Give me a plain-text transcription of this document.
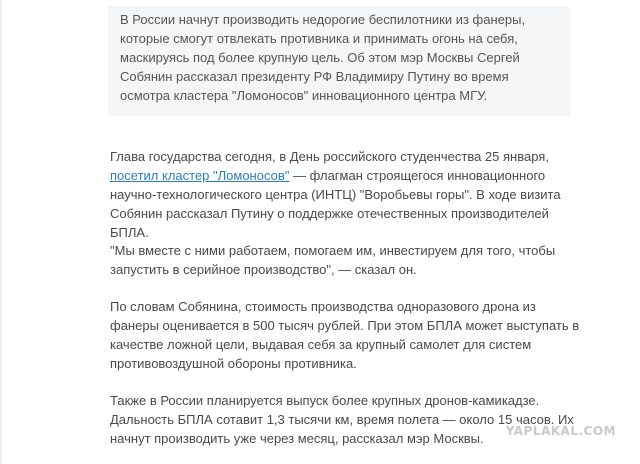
В России начнут производить недорогие беспилотники из фанеры, которые смогут отвлекать противника и принимать огонь на себя, маскируясь под более крупную цель. Об этом мэр Москвы Сергей Собянин рассказал президенту РФ Владимиру Путину во время осмотра кластера "Ломоносов" инновационного центра МГУ.

Глава государства сегодня, в День российского студенчества 25 января, посетил кластер "Ломоносов" — флагман строящегося инновационного научно-технологического центра (ИНТЦ) "Воробьевы горы". В ходе визита Собянин рассказал Путину о поддержке отечественных производителей БПЛА.

"Мы вместе с ними работаем, помогаем им, инвестируем для того, чтобы запустить в серийное производство", — сказал он.

По словам Собянина, стоимость производства одноразового дрона из фанеры оценивается в 500 тысяч рублей. При этом БПЛА может выступать в качестве ложной цели, выдавая себя за крупный самолет для систем противовоздушной обороны противника.

Также в России планируется выпуск более крупных дронов-камикадзе. Дальность БПЛА сотавит 1,3 тысячи км, время полета — около 15 часов. Их начнут производить уже через месяц, рассказал мэр Москвы.	YAPLAKAL.COM
